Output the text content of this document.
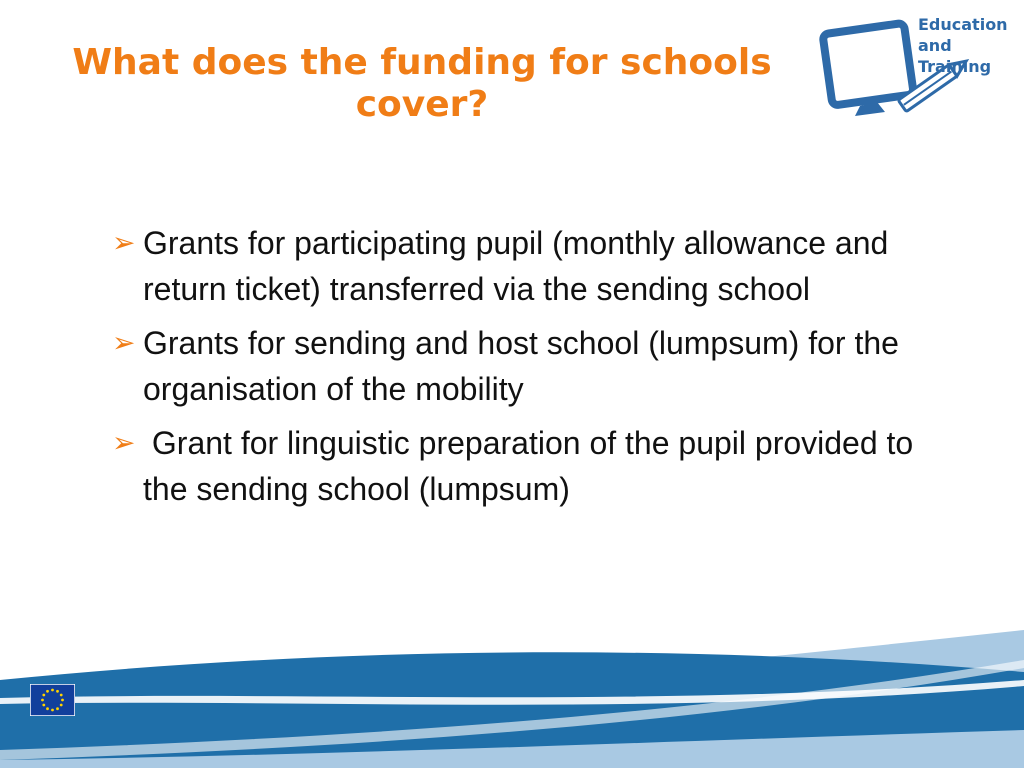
What does the funding for schools
cover?
Education
and
Training
➢ Grants for participating pupil (monthly allowance and return ticket) transferred via the sending school
➢ Grants for sending and host school (lumpsum) for the organisation of the mobility
➢ Grant for linguistic preparation of the pupil provided to the sending school (lumpsum)
